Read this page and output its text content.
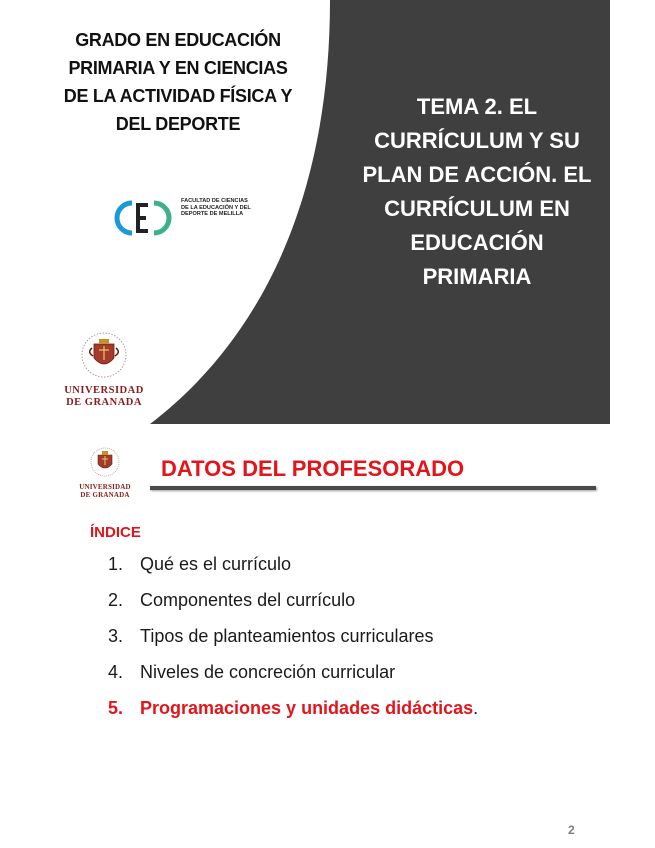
GRADO EN EDUCACIÓN PRIMARIA Y EN CIENCIAS DE LA ACTIVIDAD FÍSICA Y DEL DEPORTE
FACULTAD DE CIENCIAS DE LA EDUCACIÓN Y DEL DEPORTE DE MELILLA
UNIVERSIDAD
DE GRANADA
TEMA 2. EL CURRÍCULUM Y SU PLAN DE ACCIÓN. EL CURRÍCULUM EN EDUCACIÓN PRIMARIA
UNIVERSIDAD
DE GRANADA
DATOS DEL PROFESORADO
ÍNDICE
1. Qué es el currículo
2. Componentes del currículo
3. Tipos de planteamientos curriculares
4. Niveles de concreción curricular
5. Programaciones y unidades didácticas .
2
